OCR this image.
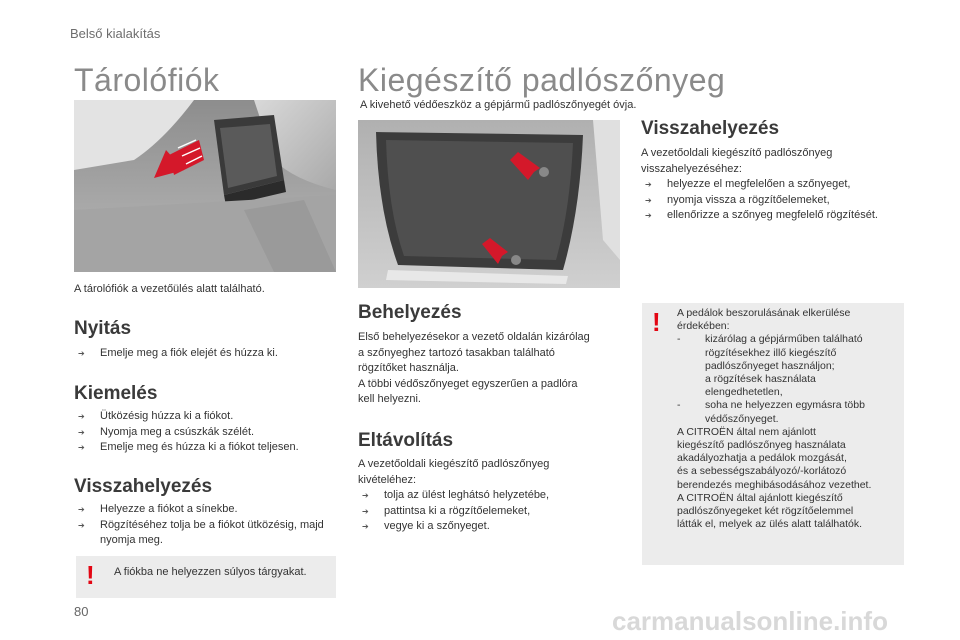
Belső kialakítás
Tárolófiók
A tárolófiók a vezetőülés alatt található.
Nyitás
➔ Emelje meg a fiók elejét és húzza ki.
Kiemelés
➔ Ütközésig húzza ki a fiókot.
➔ Nyomja meg a csúszkák szélét.
➔ Emelje meg és húzza ki a fiókot teljesen.
Visszahelyezés
➔ Helyezze a fiókot a sínekbe.
➔ Rögzítéséhez tolja be a fiókot ütközésig, majd nyomja meg.
! A fiókba ne helyezzen súlyos tárgyakat.
Kiegészítő padlószőnyeg
A kivehető védőeszköz a gépjármű padlószőnyegét óvja.
Behelyezés
Első behelyezésekor a vezető oldalán kizárólag
a szőnyeghez tartozó tasakban található
rögzítőket használja.
A többi védőszőnyeget egyszerűen a padlóra
kell helyezni.
Eltávolítás
A vezetőoldali kiegészítő padlószőnyeg
kivételéhez:
➔ tolja az ülést leghátsó helyzetébe,
➔ pattintsa ki a rögzítőelemeket,
➔ vegye ki a szőnyeget.
Visszahelyezés
A vezetőoldali kiegészítő padlószőnyeg
visszahelyezéséhez:
➔ helyezze el megfelelően a szőnyeget,
➔ nyomja vissza a rögzítőelemeket,
➔ ellenőrizze a szőnyeg megfelelő rögzítését.
! A pedálok beszorulásának elkerülése
érdekében:
- kizárólag a gépjárműben található
rögzítésekhez illő kiegészítő
padlószőnyeget használjon;
a rögzítések használata
elengedhetetlen,
- soha ne helyezzen egymásra több
védőszőnyeget.
A CITROËN által nem ajánlott
kiegészítő padlószőnyeg használata
akadályozhatja a pedálok mozgását,
és a sebességszabályozó/-korlátozó
berendezés meghibásodásához vezethet.
A CITROËN által ajánlott kiegészítő
padlószőnyegeket két rögzítőelemmel
látták el, melyek az ülés alatt találhatók.
80	carmanualsonline.info
